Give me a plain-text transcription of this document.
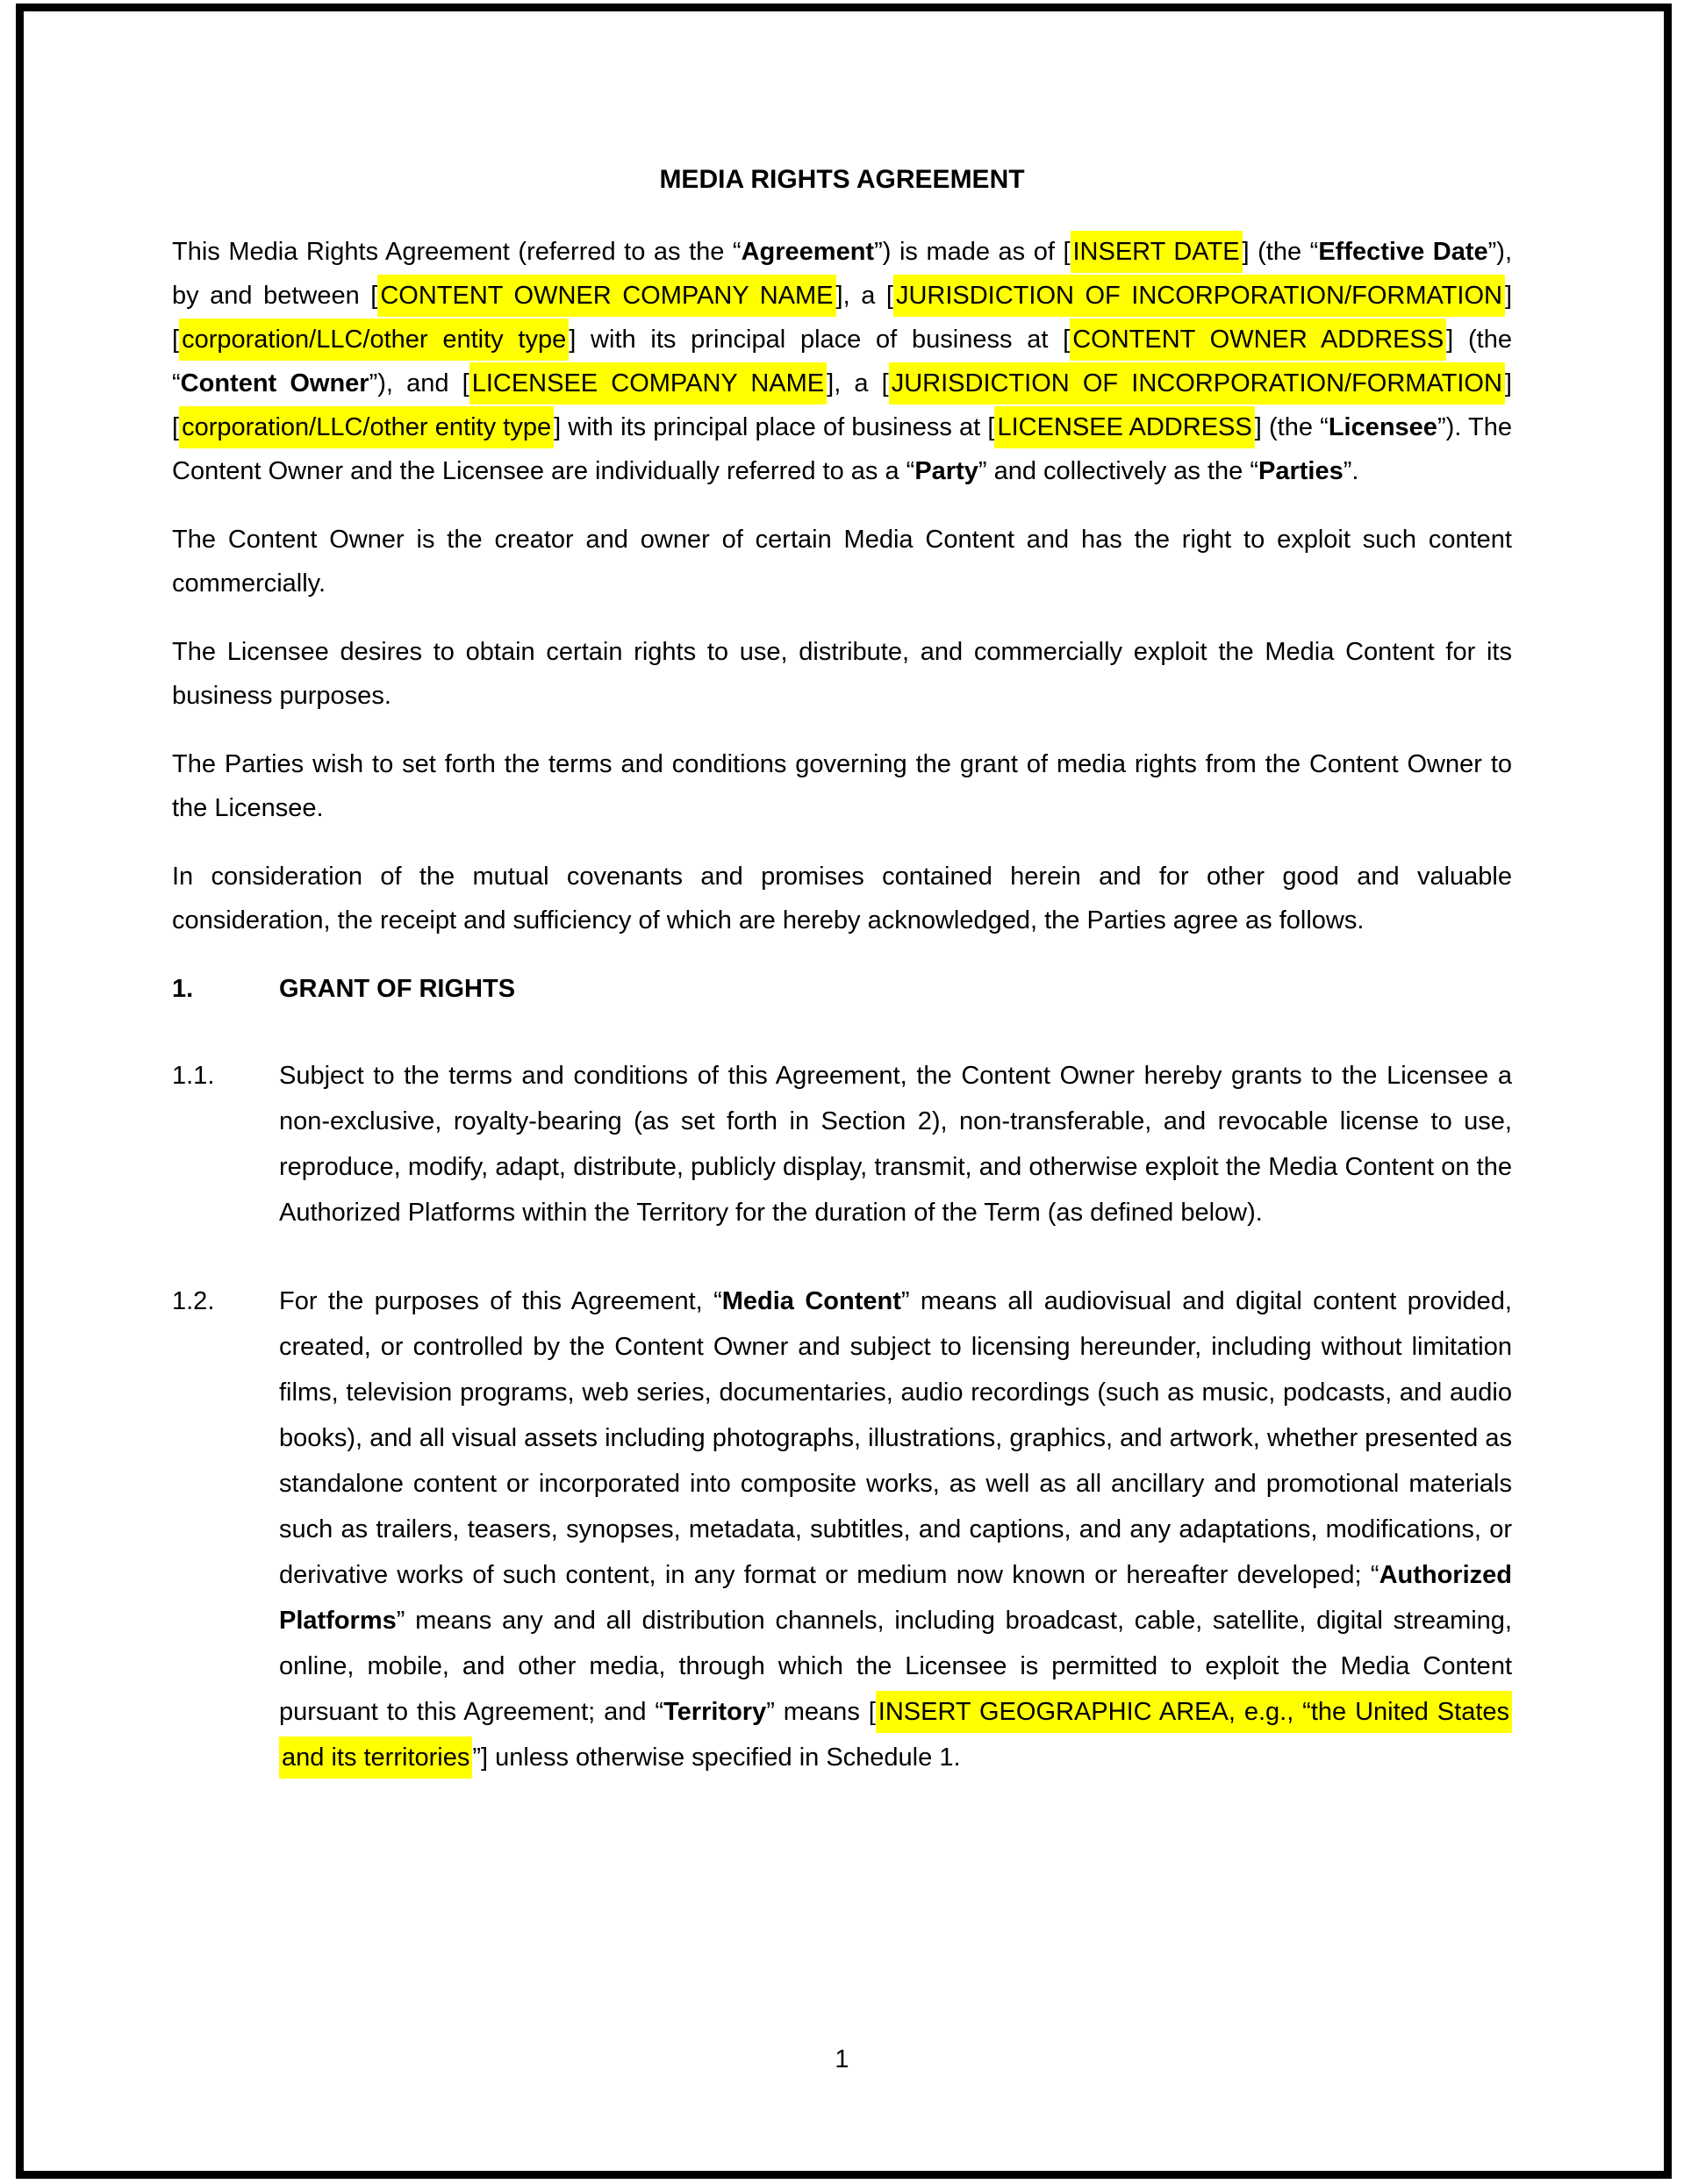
MEDIA RIGHTS AGREEMENT

This Media Rights Agreement (referred to as the “Agreement”) is made as of [ INSERT DATE ] (the “Effective Date”), by and between [ CONTENT OWNER COMPANY NAME ], a [ JURISDICTION OF INCORPORATION/FORMATION ] [ corporation/LLC/other entity type ] with its principal place of business at [ CONTENT OWNER ADDRESS ] (the “Content Owner”), and [ LICENSEE COMPANY NAME ], a [ JURISDICTION OF INCORPORATION/FORMATION ] [ corporation/LLC/other entity type ] with its principal place of business at [ LICENSEE ADDRESS ] (the “Licensee”). The Content Owner and the Licensee are individually referred to as a “Party” and collectively as the “Parties”.

The Content Owner is the creator and owner of certain Media Content and has the right to exploit such content commercially.

The Licensee desires to obtain certain rights to use, distribute, and commercially exploit the Media Content for its business purposes.

The Parties wish to set forth the terms and conditions governing the grant of media rights from the Content Owner to the Licensee.

In consideration of the mutual covenants and promises contained herein and for other good and valuable consideration, the receipt and sufficiency of which are hereby acknowledged, the Parties agree as follows.

1.	GRANT OF RIGHTS
1.1.	Subject to the terms and conditions of this Agreement, the Content Owner hereby grants to the Licensee a non-exclusive, royalty-bearing (as set forth in Section 2), non-transferable, and revocable license to use, reproduce, modify, adapt, distribute, publicly display, transmit, and otherwise exploit the Media Content on the Authorized Platforms within the Territory for the duration of the Term (as defined below).
1.2.	For the purposes of this Agreement, “Media Content” means all audiovisual and digital content provided, created, or controlled by the Content Owner and subject to licensing hereunder, including without limitation films, television programs, web series, documentaries, audio recordings (such as music, podcasts, and audio books), and all visual assets including photographs, illustrations, graphics, and artwork, whether presented as standalone content or incorporated into composite works, as well as all ancillary and promotional materials such as trailers, teasers, synopses, metadata, subtitles, and captions, and any adaptations, modifications, or derivative works of such content, in any format or medium now known or hereafter developed; “Authorized Platforms” means any and all distribution channels, including broadcast, cable, satellite, digital streaming, online, mobile, and other media, through which the Licensee is permitted to exploit the Media Content pursuant to this Agreement; and “Territory” means [ INSERT GEOGRAPHIC AREA, e.g., “the United States and its territories ”] unless otherwise specified in Schedule 1.
1
